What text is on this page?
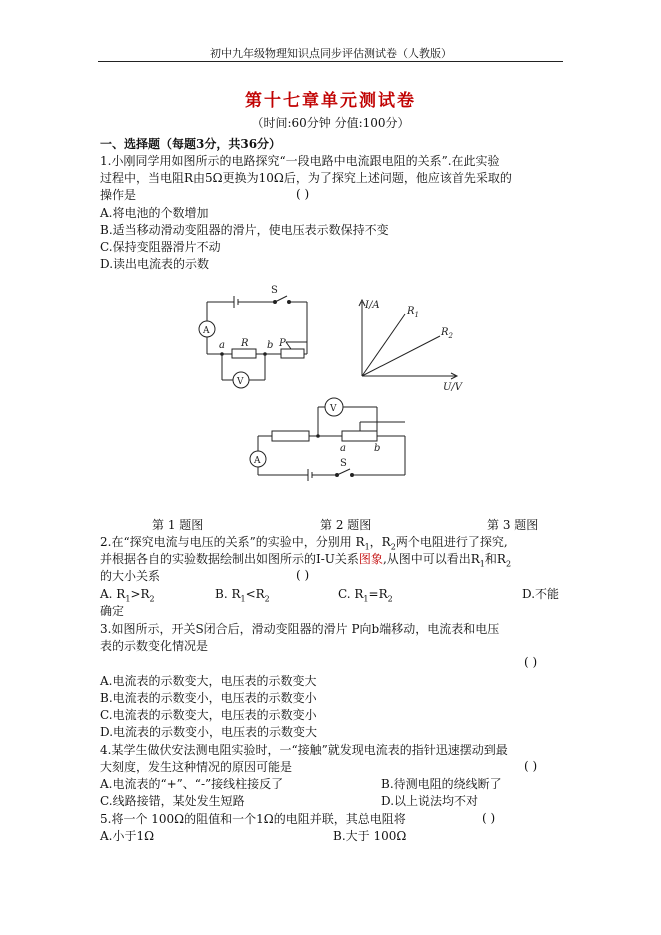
初中九年级物理知识点同步评估测试卷（人教版）
第十七章单元测试卷
（时间:60分钟 分值:100分）
一、选择题（每题3分，共36分）
1.小刚同学用如图所示的电路探究“一段电路中电流跟电阻的关系”.在此实验
过程中，当电阻R由5Ω更换为10Ω后，为了探究上述问题，他应该首先采取的
操作是	( )
A.将电池的个数增加
B.适当移动滑动变阻器的滑片，使电压表示数保持不变
C.保持变阻器滑片不动
D.读出电流表的示数
S
A
V
a R b P
I/A
U/V
$R_1$
$R_2$
V
A
a	b
S
第 1 题图	第 2 题图	第 3 题图
2.在“探究电流与电压的关系”的实验中，分别用 $R_1$，$R_2$两个电阻进行了探究,
并根据各自的实验数据绘制出如图所示的I-U关系图象,从图中可以看出$R_1$和$R_2$
的大小关系	( )
A. $R_1>R_2$	B. $R_1<R_2$	C. $R_1=R_2$	D.不能
确定
3.如图所示，开关S闭合后，滑动变阻器的滑片 P向b端移动，电流表和电压
表的示数变化情况是
( )
A.电流表的示数变大，电压表的示数变大
B.电流表的示数变小，电压表的示数变小
C.电流表的示数变大，电压表的示数变小
D.电流表的示数变小，电压表的示数变大
4.某学生做伏安法测电阻实验时，一“接触”就发现电流表的指针迅速摆动到最
大刻度，发生这种情况的原因可能是	( )
A.电流表的“+”、“-”接线柱接反了	B.待测电阻的绕线断了
C.线路接错，某处发生短路	D.以上说法均不对
5.将一个 100Ω的阻值和一个1Ω的电阻并联，其总电阻将	( )
A.小于1Ω	B.大于 100Ω
